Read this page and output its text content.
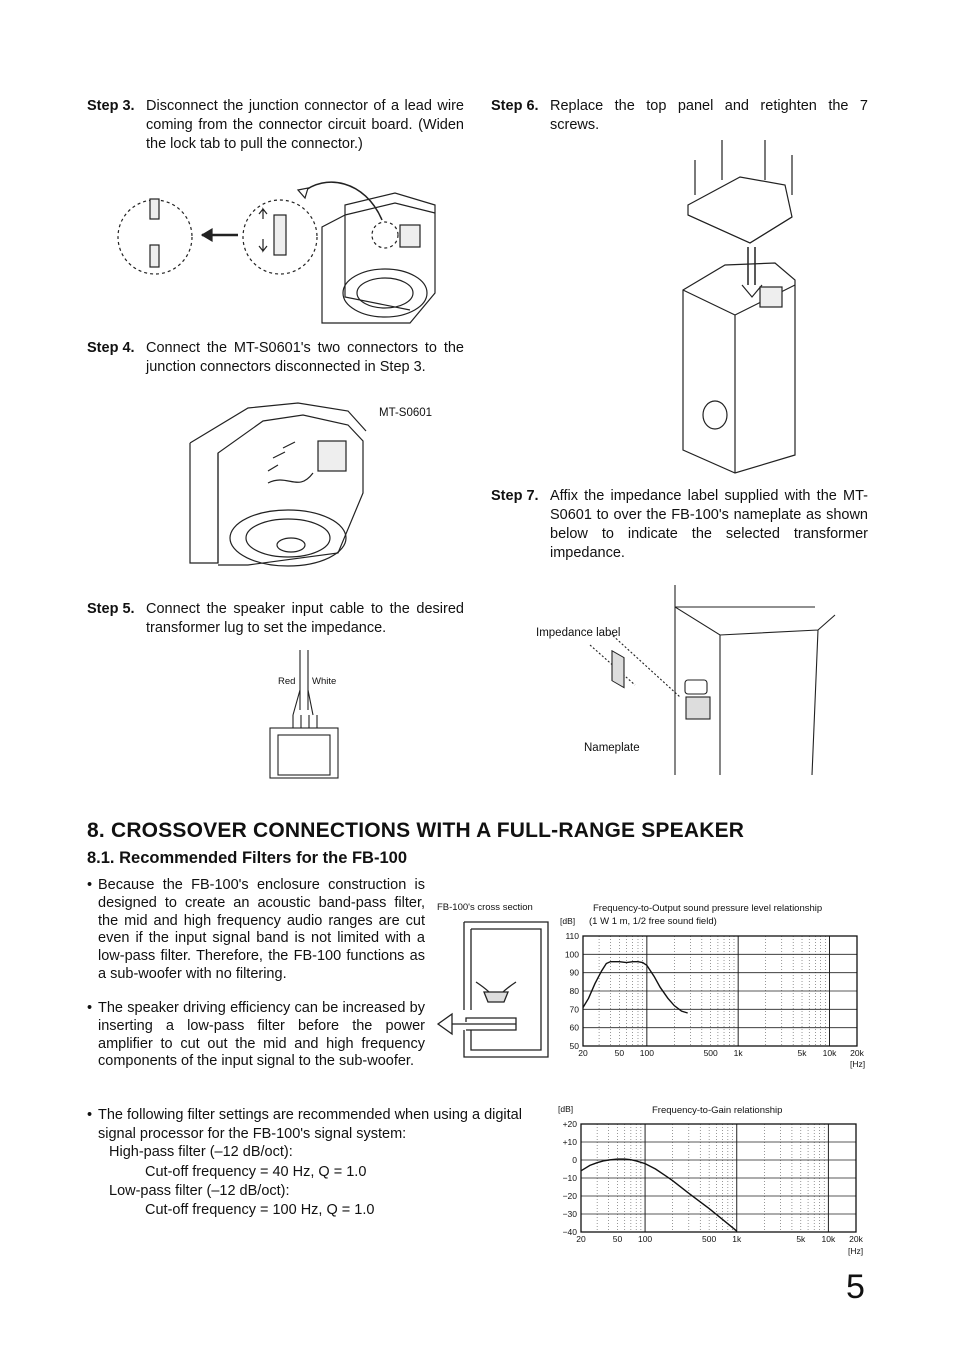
Step 3. Disconnect the junction connector of a lead wire coming from the connector circuit board. (Widen the lock tab to pull the connector.)
Step 4. Connect the MT-S0601's two connectors to the junction connectors disconnected in Step 3.
MT-S0601
Step 5. Connect the speaker input cable to the desired transformer lug to set the impedance.
Red White
Step 6. Replace the top panel and retighten the 7 screws.
Step 7. Affix the impedance label supplied with the MT-S0601 to over the FB-100's nameplate as shown below to indicate the selected transformer impedance.
Impedance label
Nameplate
8. CROSSOVER CONNECTIONS WITH A FULL-RANGE SPEAKER
8.1. Recommended Filters for the FB-100
• Because the FB-100's enclosure construction is designed to create an acoustic band-pass filter, the mid and high frequency audio ranges are cut even if the input signal band is not limited with a low-pass filter. Therefore, the FB-100 functions as a sub-woofer with no filtering.
• The speaker driving efficiency can be increased by inserting a low-pass filter before the power amplifier to cut out the mid and high frequency components of the input signal to the sub-woofer.
• The following filter settings are recommended when using a digital signal processor for the FB-100's signal system:
High-pass filter (–12 dB/oct):
Cut-off frequency = 40 Hz, Q = 1.0
Low-pass filter (–12 dB/oct):
Cut-off frequency = 100 Hz, Q = 1.0
FB-100's cross section	Frequency-to-Output sound pressure level relationship
(1 W 1 m, 1/2 free sound field)
[dB]
[Hz]
110
100
90
80
70
60
50
20	50 100	500 1k	5k 10k 20k
Frequency-to-Gain relationship
[dB]
[Hz]
+20
+10
0
−10
−20
−30
−40
20	50 100	500 1k	5k 10k 20k
5
